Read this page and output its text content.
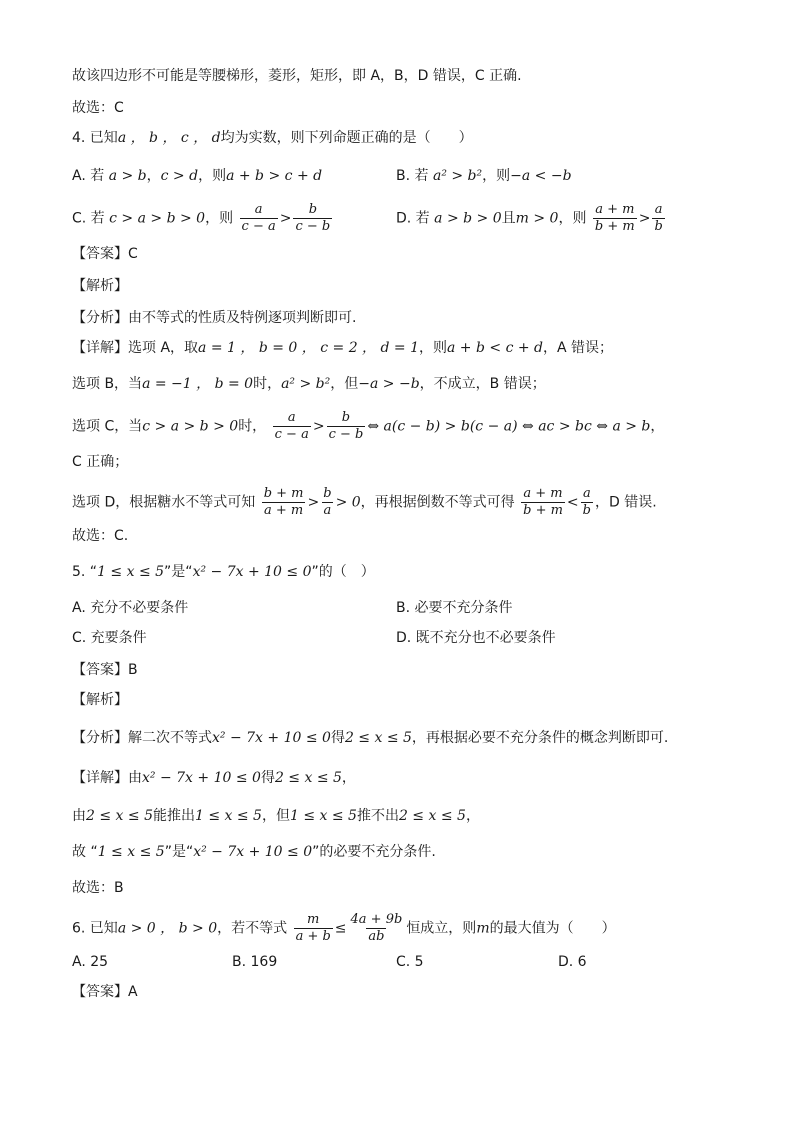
故该四边形不可能是等腰梯形，菱形，矩形，即 A，B，D 错误，C 正确.
故选：C
4. 已知a ， b ， c ， d均为实数，则下列命题正确的是（　　）
A. 若 a > b，c > d，则a + b > c + d	B. 若 a² > b²，则−a < −b
C. 若 c > a > b > 0，则 $\frac{a}{c - a} > \frac{b}{c - b}$	D. 若 a > b > 0且m > 0，则 $\frac{a + m}{b + m} > \frac{a}{b}$
【答案】C
【解析】
【分析】由不等式的性质及特例逐项判断即可.
【详解】选项 A，取a = 1 ， b = 0 ， c = 2 ， d = 1，则a + b < c + d，A 错误；
选项 B，当a = −1 ， b = 0时，a² > b²，但−a > −b，不成立，B 错误；
选项 C，当c > a > b > 0时， $\frac{a}{c - a} > \frac{b}{c - b}$ ⇔ a(c − b) > b(c − a) ⇔ ac > bc ⇔ a > b，
C 正确；
选项 D，根据糖水不等式可知 $\frac{b + m}{a + m} > \frac{b}{a} > 0$，再根据倒数不等式可得 $\frac{a + m}{b + m} < \frac{a}{b}$ ，D 错误.
故选：C.
5. “1 ≤ x ≤ 5”是“x² − 7x + 10 ≤ 0”的（　）
A. 充分不必要条件	B. 必要不充分条件
C. 充要条件	D. 既不充分也不必要条件
【答案】B
【解析】
【分析】解二次不等式x² − 7x + 10 ≤ 0得2 ≤ x ≤ 5，再根据必要不充分条件的概念判断即可.
【详解】由x² − 7x + 10 ≤ 0得2 ≤ x ≤ 5，
由2 ≤ x ≤ 5能推出1 ≤ x ≤ 5，但1 ≤ x ≤ 5推不出2 ≤ x ≤ 5，
故 “1 ≤ x ≤ 5”是“x² − 7x + 10 ≤ 0”的必要不充分条件.
故选：B
6. 已知a > 0 ， b > 0，若不等式 $\frac{m}{a + b} \le \frac{4a + 9b}{ab}$ 恒成立，则m的最大值为（　　）
A. 25	B. 169	C. 5	D. 6
【答案】A
